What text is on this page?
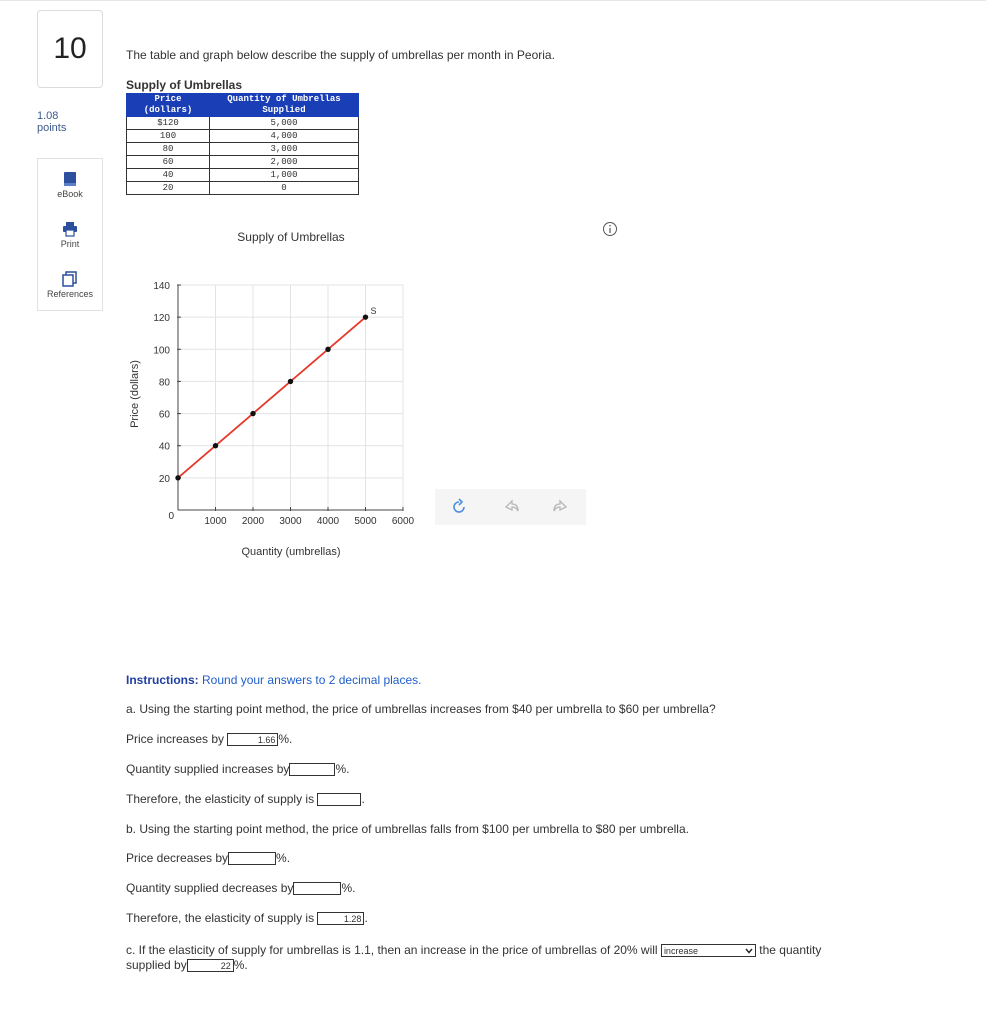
10
1.08
points
eBook
Print
References
The table and graph below describe the supply of umbrellas per month in Peoria.
Supply of Umbrellas
Price (dollars)	Quantity of Umbrellas Supplied
$120	5,000
100	4,000
80	3,000
60	2,000
40	1,000
20	0
Supply of Umbrellas
1000 2000 3000 4000 5000 6000
20
40
60
80
100
120
140
0
S
Quantity (umbrellas)
Price (dollars)
Instructions: Round your answers to 2 decimal places.
a. Using the starting point method, the price of umbrellas increases from $40 per umbrella to $60 per umbrella?
Price increases by	1.66 %.
Quantity supplied increases by	%.
Therefore, the elasticity of supply is	.
b. Using the starting point method, the price of umbrellas falls from $100 per umbrella to $80 per umbrella.
Price decreases by	%.
Quantity supplied decreases by	%.
Therefore, the elasticity of supply is	1.28 .
c. If the elasticity of supply for umbrellas is 1.1, then an increase in the price of umbrellas of 20% will increase	the quantity
supplied by	22 %.
